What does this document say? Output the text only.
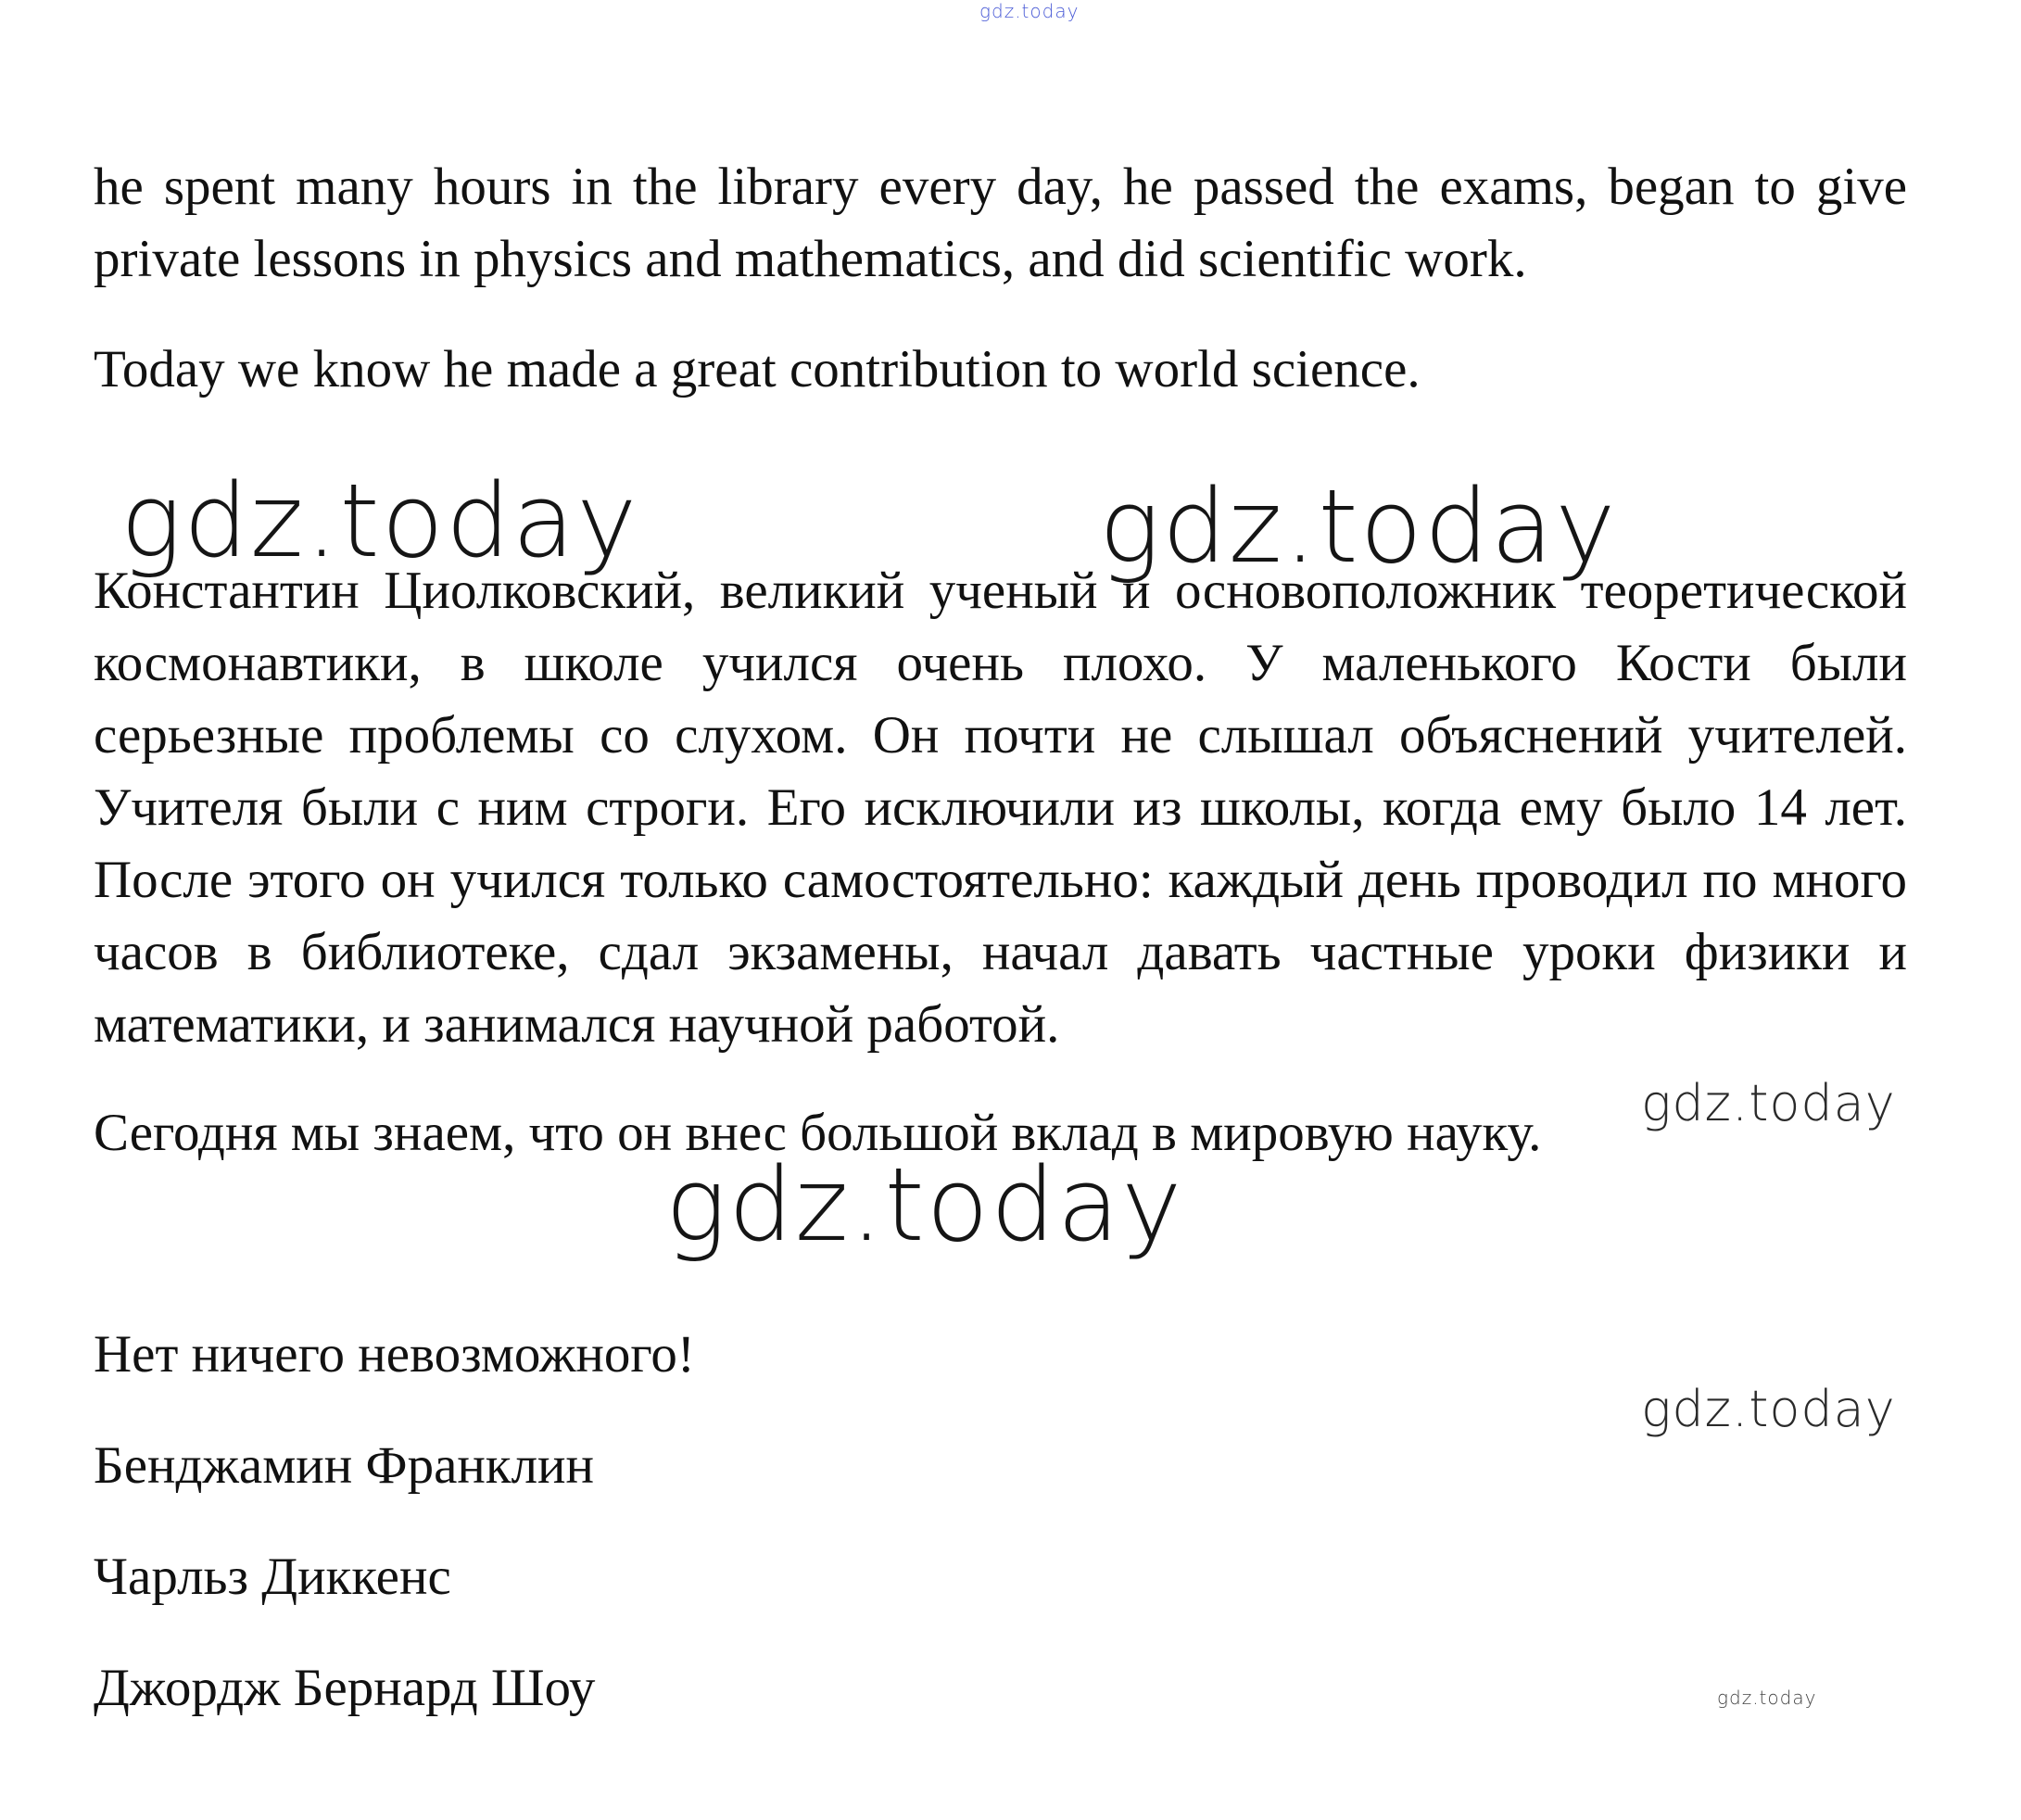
gdz.today

he spent many hours in the library every day, he passed the exams, began to give private lessons in physics and mathematics, and did scientific work.

Today we know he made a great contribution to world science.

gdz.today	gdz.today

Константин Циолковский, великий ученый и основоположник теоретической космонавтики, в школе учился очень плохо. У маленького Кости были серьезные проблемы со слухом. Он почти не слышал объяснений учителей. Учителя были с ним строги. Его исключили из школы, когда ему было 14 лет. После этого он учился только самостоятельно: каждый день проводил по много часов в библиотеке, сдал экзамены, начал давать частные уроки физики и математики, и занимался научной работой.

gdz.today

Сегодня мы знаем, что он внес большой вклад в мировую науку.

gdz.today

Нет ничего невозможного!

gdz.today

Бенджамин Франклин

Чарльз Диккенс

Джордж Бернард Шоу	gdz.today
